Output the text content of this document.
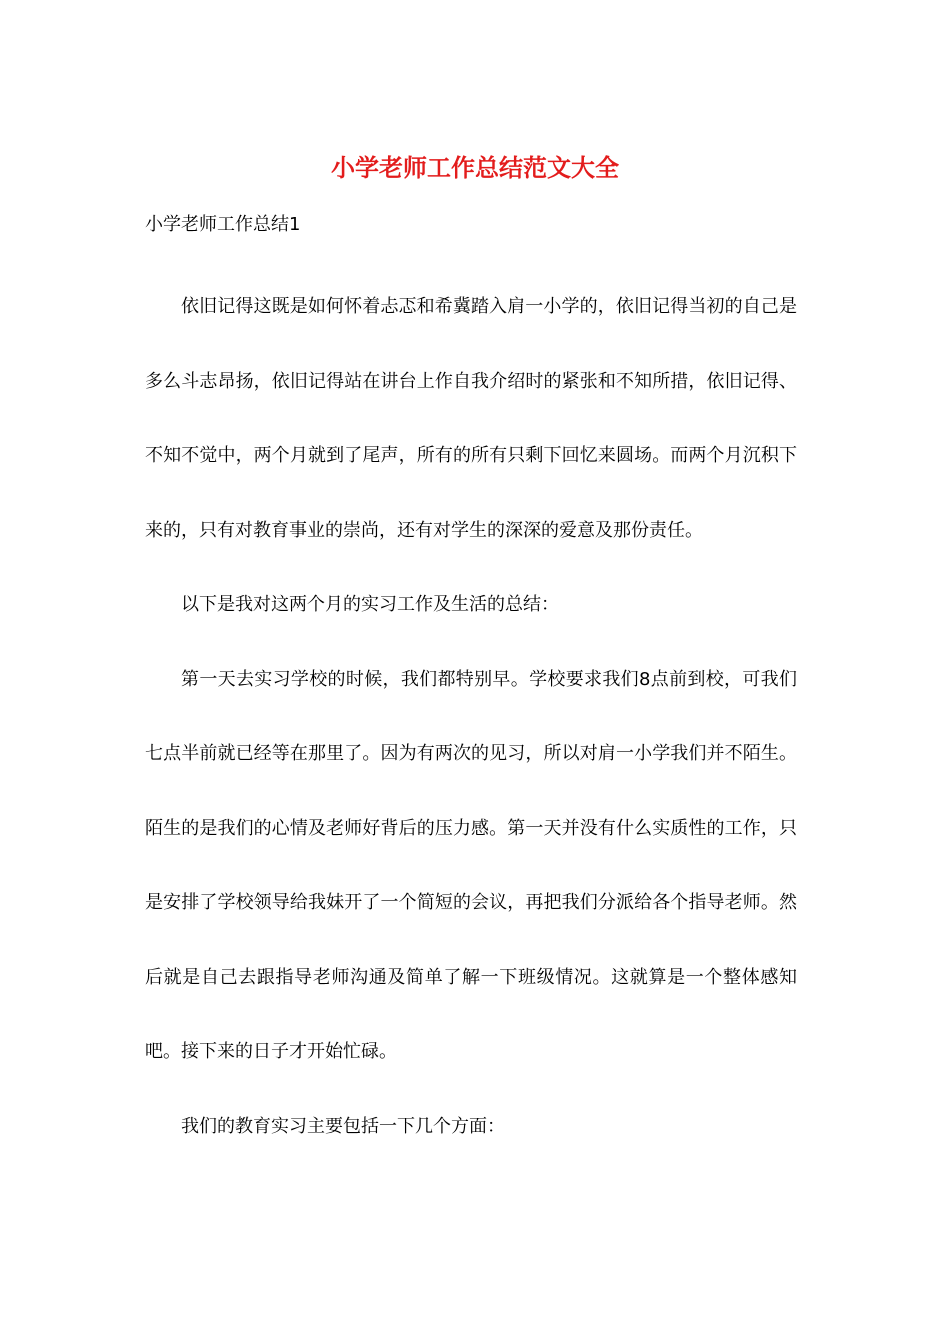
小学老师工作总结范文大全

小学老师工作总结1

依旧记得这既是如何怀着忐忑和希冀踏入肩一小学的，依旧记得当初的自己是多么斗志昂扬，依旧记得站在讲台上作自我介绍时的紧张和不知所措，依旧记得、不知不觉中，两个月就到了尾声，所有的所有只剩下回忆来圆场。而两个月沉积下来的，只有对教育事业的崇尚，还有对学生的深深的爱意及那份责任。

以下是我对这两个月的实习工作及生活的总结：

第一天去实习学校的时候，我们都特别早。学校要求我们8点前到校，可我们七点半前就已经等在那里了。因为有两次的见习，所以对肩一小学我们并不陌生。陌生的是我们的心情及老师好背后的压力感。第一天并没有什么实质性的工作，只是安排了学校领导给我妹开了一个简短的会议，再把我们分派给各个指导老师。然后就是自己去跟指导老师沟通及简单了解一下班级情况。这就算是一个整体感知吧。接下来的日子才开始忙碌。

我们的教育实习主要包括一下几个方面：
